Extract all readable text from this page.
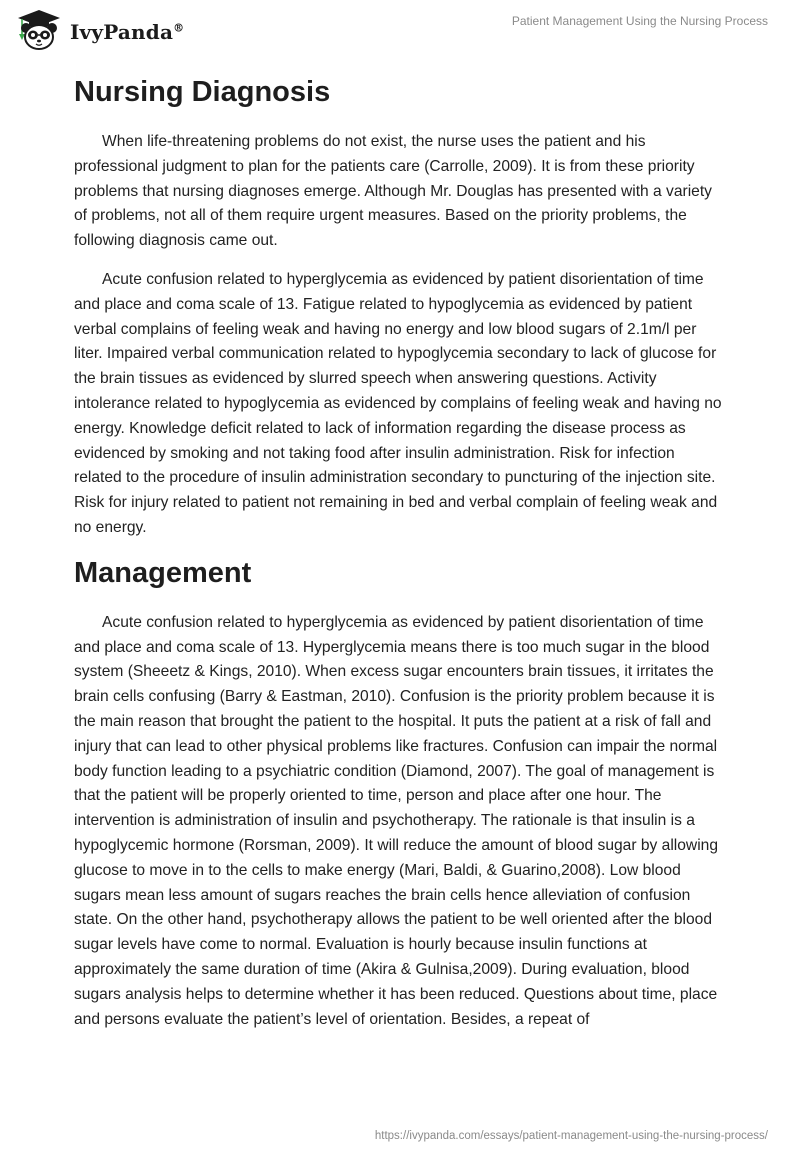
IvyPanda®	Patient Management Using the Nursing Process
Nursing Diagnosis

When life-threatening problems do not exist, the nurse uses the patient and his professional judgment to plan for the patients care (Carrolle, 2009). It is from these priority problems that nursing diagnoses emerge. Although Mr. Douglas has presented with a variety of problems, not all of them require urgent measures. Based on the priority problems, the following diagnosis came out.

Acute confusion related to hyperglycemia as evidenced by patient disorientation of time and place and coma scale of 13. Fatigue related to hypoglycemia as evidenced by patient verbal complains of feeling weak and having no energy and low blood sugars of 2.1m/l per liter. Impaired verbal communication related to hypoglycemia secondary to lack of glucose for the brain tissues as evidenced by slurred speech when answering questions. Activity intolerance related to hypoglycemia as evidenced by complains of feeling weak and having no energy. Knowledge deficit related to lack of information regarding the disease process as evidenced by smoking and not taking food after insulin administration. Risk for infection related to the procedure of insulin administration secondary to puncturing of the injection site. Risk for injury related to patient not remaining in bed and verbal complain of feeling weak and no energy.

Management

Acute confusion related to hyperglycemia as evidenced by patient disorientation of time and place and coma scale of 13. Hyperglycemia means there is too much sugar in the blood system (Sheeetz & Kings, 2010). When excess sugar encounters brain tissues, it irritates the brain cells confusing (Barry & Eastman, 2010). Confusion is the priority problem because it is the main reason that brought the patient to the hospital. It puts the patient at a risk of fall and injury that can lead to other physical problems like fractures. Confusion can impair the normal body function leading to a psychiatric condition (Diamond, 2007). The goal of management is that the patient will be properly oriented to time, person and place after one hour. The intervention is administration of insulin and psychotherapy. The rationale is that insulin is a hypoglycemic hormone (Rorsman, 2009). It will reduce the amount of blood sugar by allowing glucose to move in to the cells to make energy (Mari, Baldi, & Guarino,2008). Low blood sugars mean less amount of sugars reaches the brain cells hence alleviation of confusion state. On the other hand, psychotherapy allows the patient to be well oriented after the blood sugar levels have come to normal. Evaluation is hourly because insulin functions at approximately the same duration of time (Akira & Gulnisa,2009). During evaluation, blood sugars analysis helps to determine whether it has been reduced. Questions about time, place and persons evaluate the patient’s level of orientation. Besides, a repeat of

https://ivypanda.com/essays/patient-management-using-the-nursing-process/
